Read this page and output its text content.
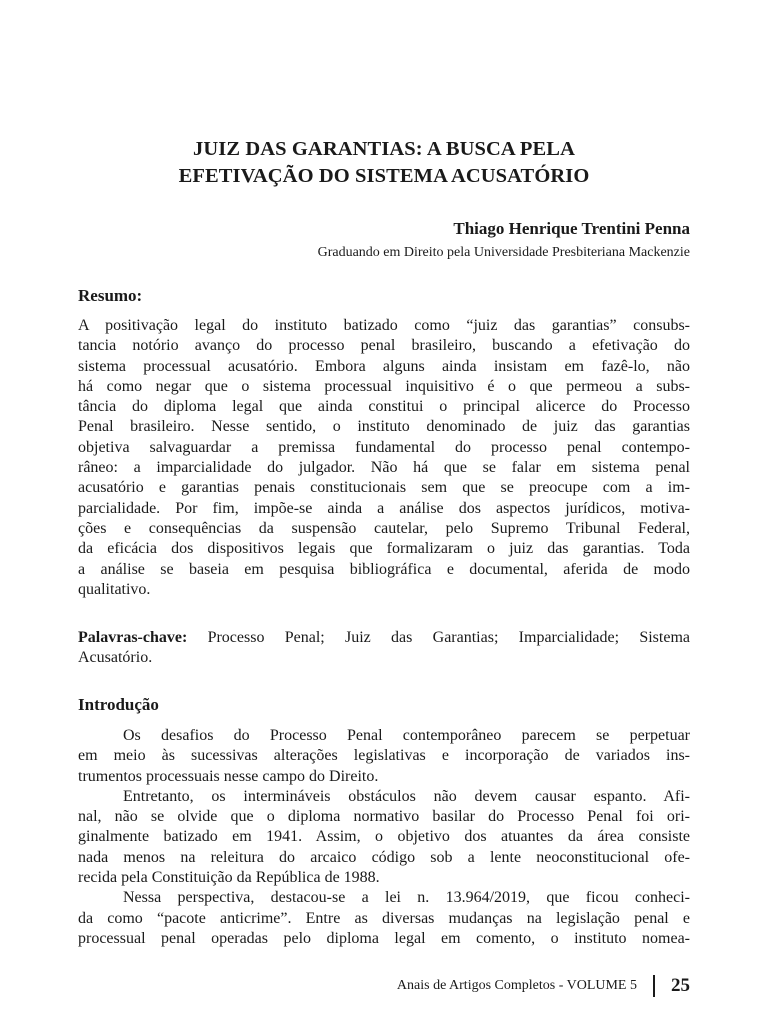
JUIZ DAS GARANTIAS: A BUSCA PELA
EFETIVAÇÃO DO SISTEMA ACUSATÓRIO
Thiago Henrique Trentini Penna
Graduando em Direito pela Universidade Presbiteriana Mackenzie
Resumo:
A positivação legal do instituto batizado como “juiz das garantias” consubs-
tancia notório avanço do processo penal brasileiro, buscando a efetivação do
sistema processual acusatório. Embora alguns ainda insistam em fazê-lo, não
há como negar que o sistema processual inquisitivo é o que permeou a subs-
tância do diploma legal que ainda constitui o principal alicerce do Processo
Penal brasileiro. Nesse sentido, o instituto denominado de juiz das garantias
objetiva salvaguardar a premissa fundamental do processo penal contempo-
râneo: a imparcialidade do julgador. Não há que se falar em sistema penal
acusatório e garantias penais constitucionais sem que se preocupe com a im-
parcialidade. Por fim, impõe-se ainda a análise dos aspectos jurídicos, motiva-
ções e consequências da suspensão cautelar, pelo Supremo Tribunal Federal,
da eficácia dos dispositivos legais que formalizaram o juiz das garantias. Toda
a análise se baseia em pesquisa bibliográfica e documental, aferida de modo
qualitativo.
Palavras-chave: Processo Penal; Juiz das Garantias; Imparcialidade; Sistema
Acusatório.
Introdução
Os desafios do Processo Penal contemporâneo parecem se perpetuar
em meio às sucessivas alterações legislativas e incorporação de variados ins-
trumentos processuais nesse campo do Direito.
Entretanto, os intermináveis obstáculos não devem causar espanto. Afi-
nal, não se olvide que o diploma normativo basilar do Processo Penal foi ori-
ginalmente batizado em 1941. Assim, o objetivo dos atuantes da área consiste
nada menos na releitura do arcaico código sob a lente neoconstitucional ofe-
recida pela Constituição da República de 1988.
Nessa perspectiva, destacou-se a lei n. 13.964/2019, que ficou conheci-
da como “pacote anticrime”. Entre as diversas mudanças na legislação penal e
processual penal operadas pelo diploma legal em comento, o instituto nomea-
Anais de Artigos Completos - VOLUME 5 25
